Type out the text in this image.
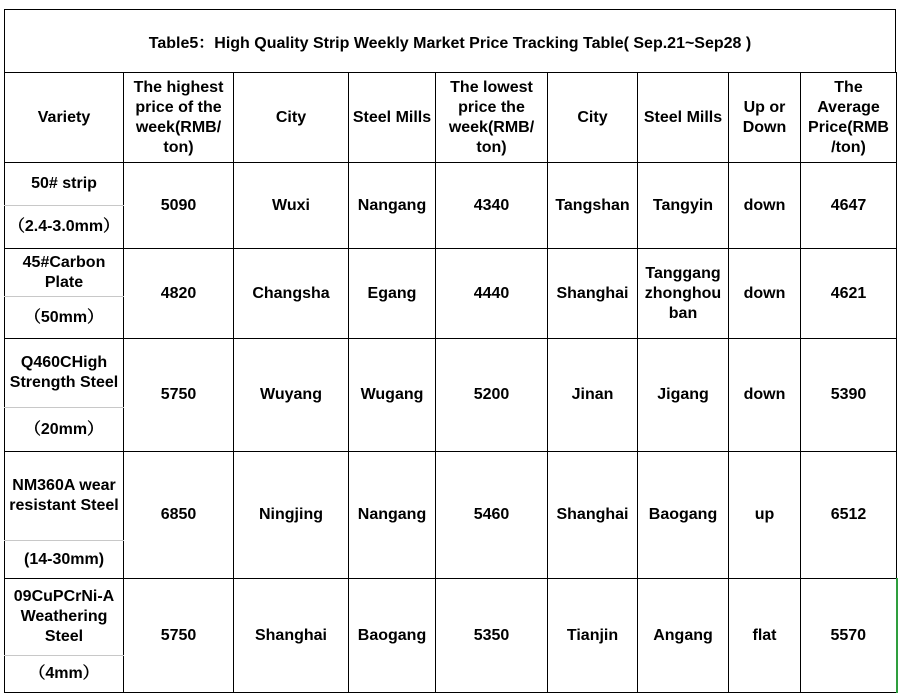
Table5：High Quality Strip Weekly Market Price Tracking Table( Sep.21~Sep28 )
Variety	The highest price of the week(RMB/ ton)	City	Steel Mills	The lowest price the week(RMB/ ton)	City	Steel Mills	Up or Down	The Average Price(RMB /ton)
50# strip	5090	Wuxi	Nangang	4340	Tangshan	Tangyin	down	4647
（2.4-3.0mm）								
45#Carbon Plate	4820	Changsha	Egang	4440	Shanghai	Tanggang zhonghou ban	down	4621
（50mm）								
Q460CHigh Strength Steel	5750	Wuyang	Wugang	5200	Jinan	Jigang	down	5390
（20mm）								
NM360A wear resistant Steel	6850	Ningjing	Nangang	5460	Shanghai	Baogang	up	6512
(14-30mm)								
09CuPCrNi-A Weathering Steel	5750	Shanghai	Baogang	5350	Tianjin	Angang	flat	5570
（4mm）								
